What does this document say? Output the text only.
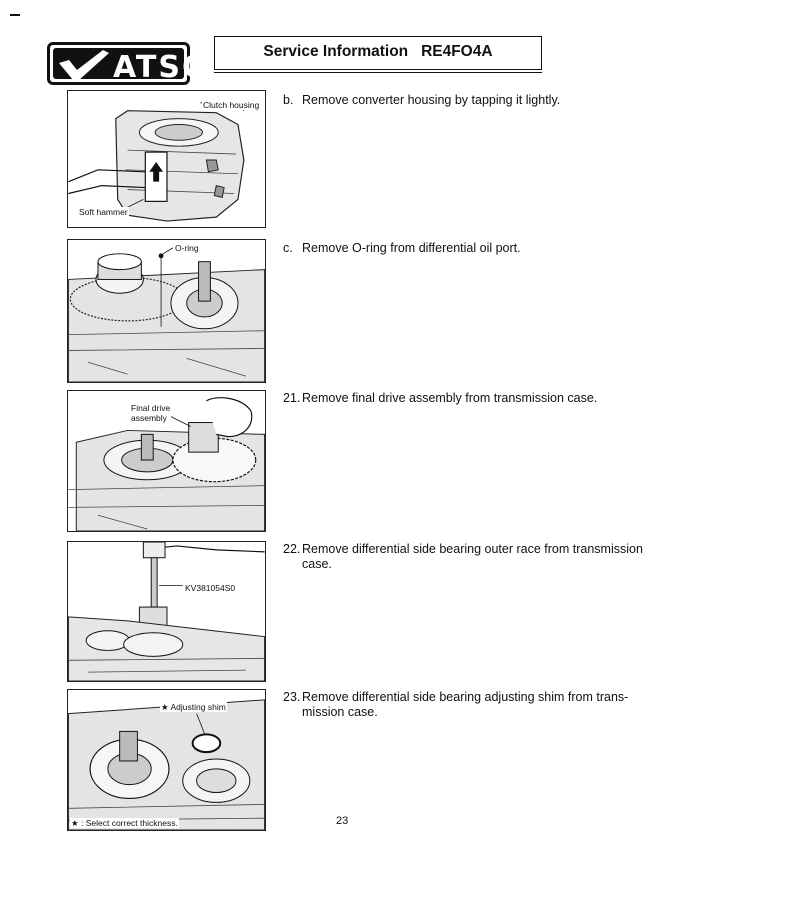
ATSG	Service Information RE4FO4A
Clutch housing
Soft hammer
O-ring
Final drive
assembly
KV381054S0
★ Adjusting shim
★ : Select correct thickness.
b. Remove converter housing by tapping it lightly.
c. Remove O-ring from differential oil port.
21. Remove final drive assembly from transmission case.
22. Remove differential side bearing outer race from transmission
case.
23. Remove differential side bearing adjusting shim from trans-
mission case.
23
